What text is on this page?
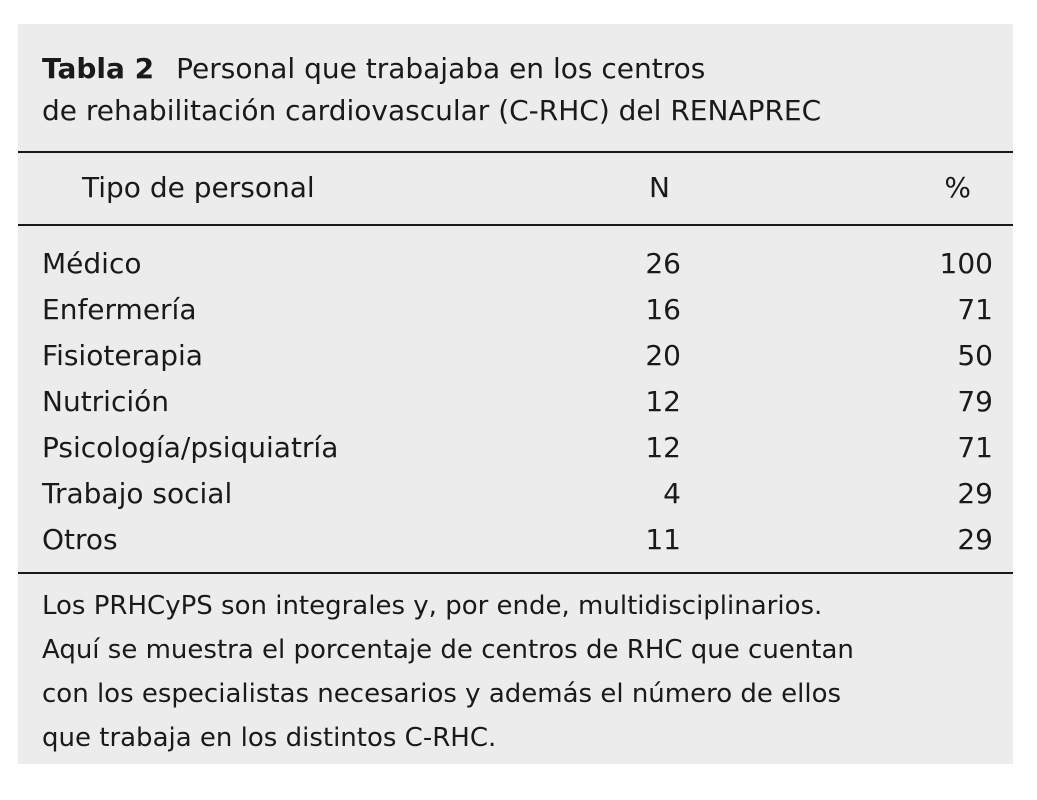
Tabla 2 Personal que trabajaba en los centros
de rehabilitación cardiovascular (C-RHC) del RENAPREC
Tipo de personal	N	%
Médico	26	100
Enfermería	16	71
Fisioterapia	20	50
Nutrición	12	79
Psicología/psiquiatría	12	71
Trabajo social	4	29
Otros	11	29
Los PRHCyPS son integrales y, por ende, multidisciplinarios.
Aquí se muestra el porcentaje de centros de RHC que cuentan
con los especialistas necesarios y además el número de ellos
que trabaja en los distintos C-RHC.
